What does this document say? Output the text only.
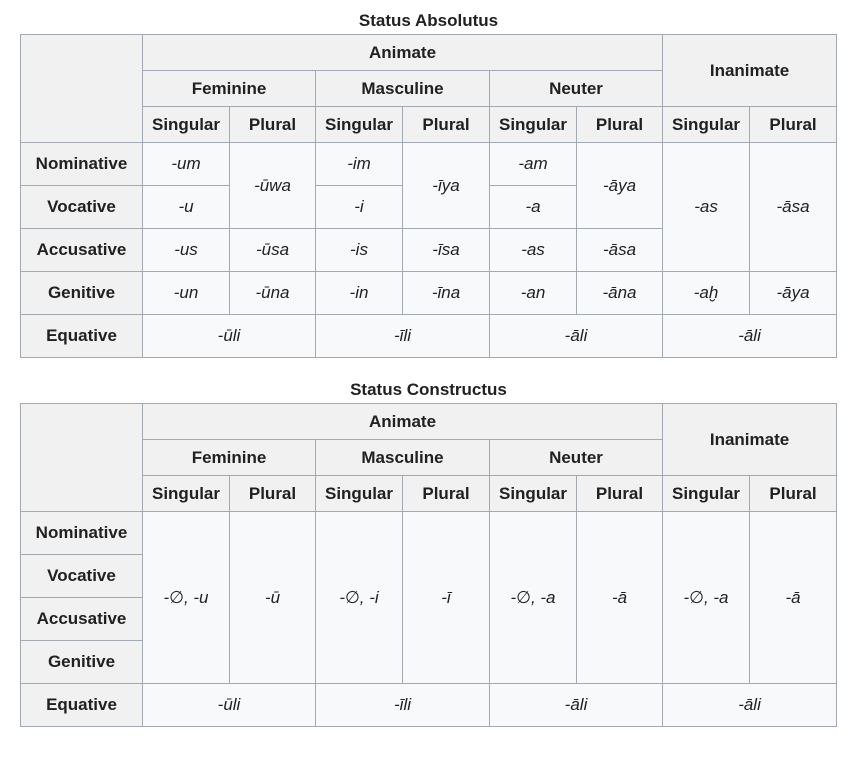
Status Absolutus
	Animate						Inanimate	
	Feminine		Masculine		Neuter			
	Singular	Plural	Singular	Plural	Singular	Plural	Singular	Plural
Nominative	-um	-ūwa	-im	-īya	-am	-āya	-as	-āsa
Vocative	-u		-i		-a			
Accusative	-us	-ūsa	-is	-īsa	-as	-āsa		
Genitive	-un	-ūna	-in	-īna	-an	-āna	-aḫ	-āya
Equative	-ūli		-īli		-āli		-āli	
Status Constructus
	Animate						Inanimate	
	Feminine		Masculine		Neuter			
	Singular	Plural	Singular	Plural	Singular	Plural	Singular	Plural
Nominative	-∅, -u	-ū	-∅, -i	-ī	-∅, -a	-ā	-∅, -a	-ā
Vocative								
Accusative								
Genitive								
Equative	-ūli		-īli		-āli		-āli	
